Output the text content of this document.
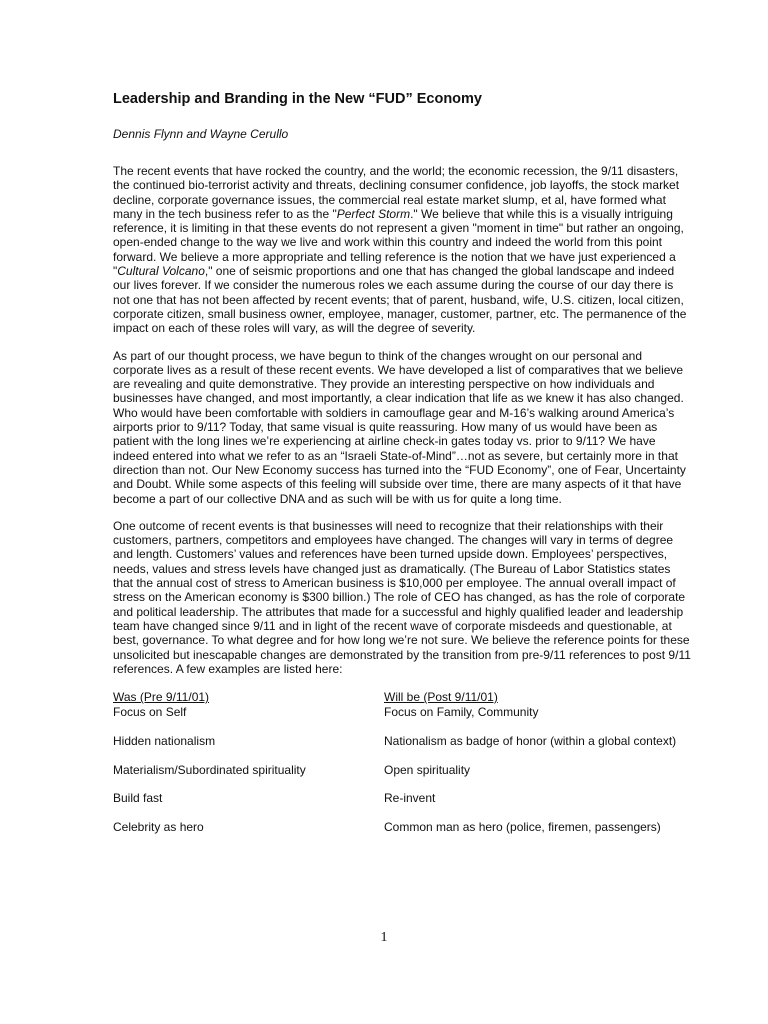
Leadership and Branding in the New “FUD” Economy
Dennis Flynn and Wayne Cerullo

The recent events that have rocked the country, and the world; the economic recession, the 9/11 disasters, the continued bio-terrorist activity and threats, declining consumer confidence, job layoffs, the stock market decline, corporate governance issues, the commercial real estate market slump, et al, have formed what many in the tech business refer to as the "Perfect Storm." We believe that while this is a visually intriguing reference, it is limiting in that these events do not represent a given "moment in time" but rather an ongoing, open-ended change to the way we live and work within this country and indeed the world from this point forward. We believe a more appropriate and telling reference is the notion that we have just experienced a "Cultural Volcano," one of seismic proportions and one that has changed the global landscape and indeed our lives forever. If we consider the numerous roles we each assume during the course of our day there is not one that has not been affected by recent events; that of parent, husband, wife, U.S. citizen, local citizen, corporate citizen, small business owner, employee, manager, customer, partner, etc. The permanence of the impact on each of these roles will vary, as will the degree of severity.

As part of our thought process, we have begun to think of the changes wrought on our personal and corporate lives as a result of these recent events. We have developed a list of comparatives that we believe are revealing and quite demonstrative. They provide an interesting perspective on how individuals and businesses have changed, and most importantly, a clear indication that life as we knew it has also changed. Who would have been comfortable with soldiers in camouflage gear and M-16’s walking around America’s airports prior to 9/11? Today, that same visual is quite reassuring. How many of us would have been as patient with the long lines we’re experiencing at airline check-in gates today vs. prior to 9/11? We have indeed entered into what we refer to as an “Israeli State-of-Mind”…not as severe, but certainly more in that direction than not. Our New Economy success has turned into the “FUD Economy”, one of Fear, Uncertainty and Doubt. While some aspects of this feeling will subside over time, there are many aspects of it that have become a part of our collective DNA and as such will be with us for quite a long time.

One outcome of recent events is that businesses will need to recognize that their relationships with their customers, partners, competitors and employees have changed. The changes will vary in terms of degree and length. Customers’ values and references have been turned upside down. Employees’ perspectives, needs, values and stress levels have changed just as dramatically. (The Bureau of Labor Statistics states that the annual cost of stress to American business is $10,000 per employee. The annual overall impact of stress on the American economy is $300 billion.) The role of CEO has changed, as has the role of corporate and political leadership. The attributes that made for a successful and highly qualified leader and leadership team have changed since 9/11 and in light of the recent wave of corporate misdeeds and questionable, at best, governance. To what degree and for how long we’re not sure. We believe the reference points for these unsolicited but inescapable changes are demonstrated by the transition from pre-9/11 references to post 9/11 references. A few examples are listed here:

Was (Pre 9/11/01)	Will be (Post 9/11/01)
Focus on Self	Focus on Family, Community
Hidden nationalism	Nationalism as badge of honor (within a global context)
Materialism/Subordinated spirituality	Open spirituality
Build fast	Re-invent
Celebrity as hero	Common man as hero (police, firemen, passengers)
1
